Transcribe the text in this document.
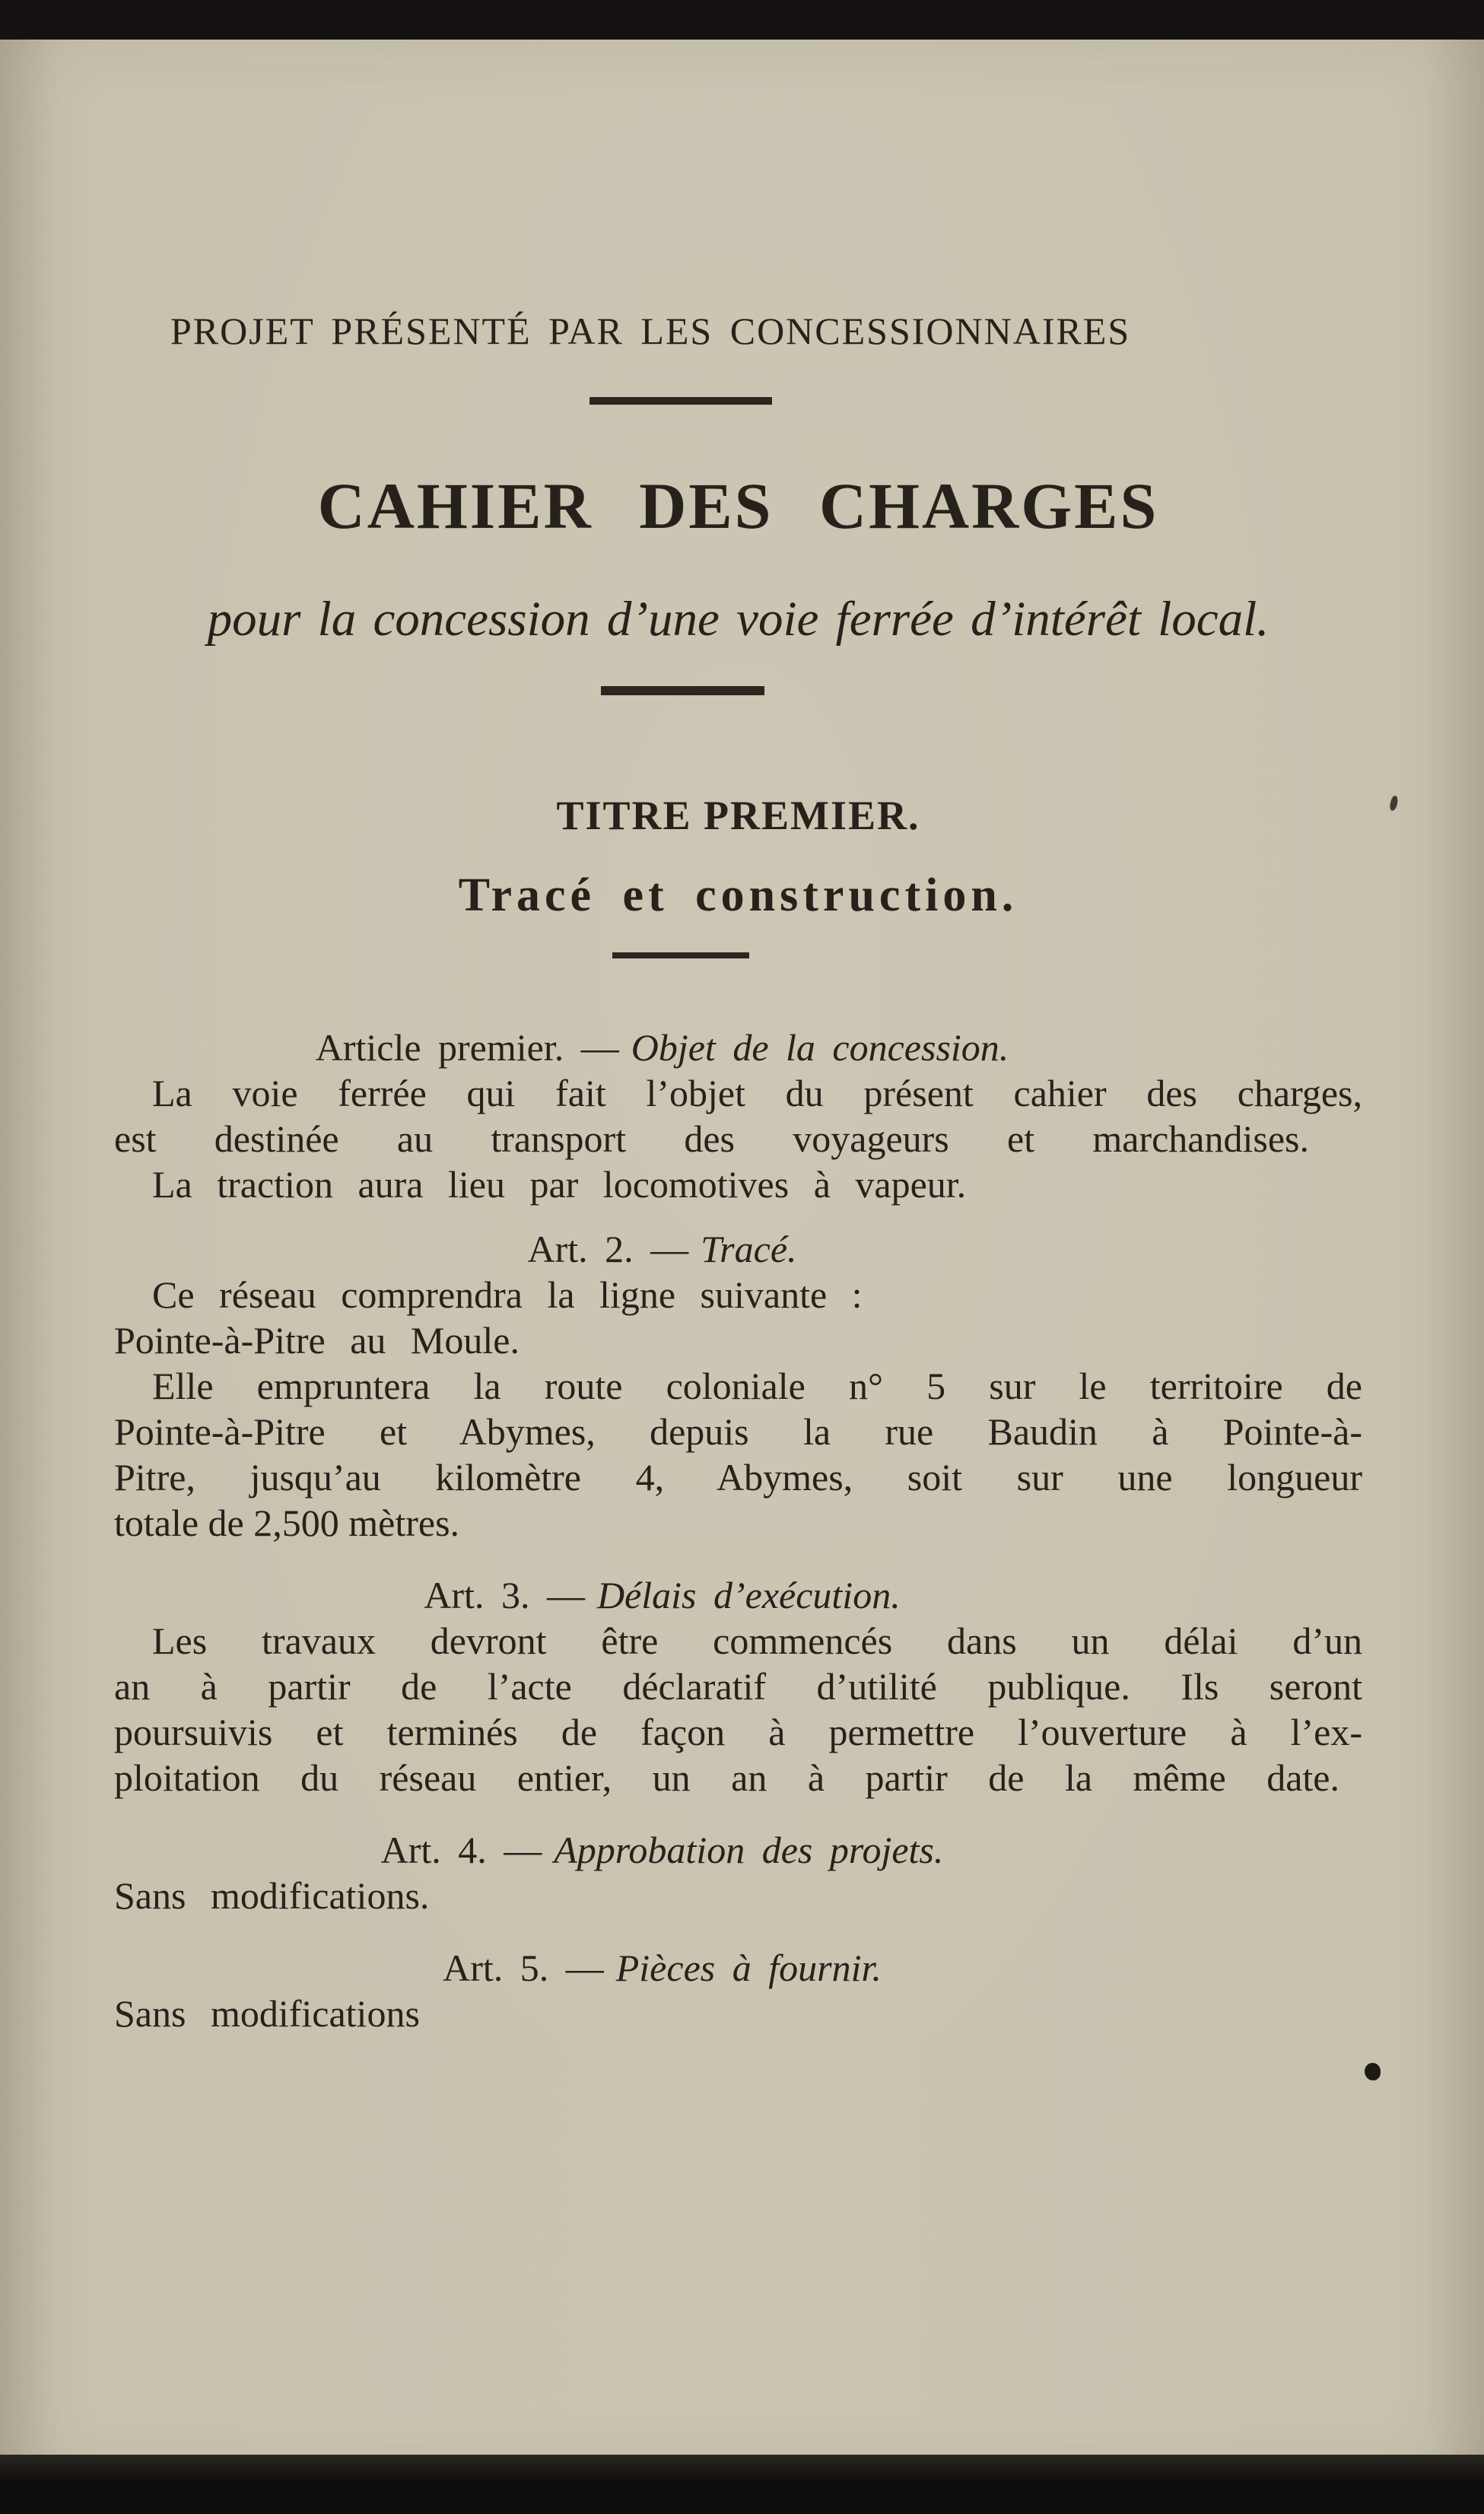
PROJET PRÉSENTÉ PAR LES CONCESSIONNAIRES
CAHIER DES CHARGES
pour la concession d’une voie ferrée d’intérêt local.
TITRE PREMIER.
Tracé et construction.
Article premier. — Objet de la concession.

La voie ferrée qui fait l’objet du présent cahier des charges,

est destinée au transport des voyageurs et marchandises.

La traction aura lieu par locomotives à vapeur.

Art. 2. — Tracé.

Ce réseau comprendra la ligne suivante :

Pointe-à-Pitre au Moule.

Elle empruntera la route coloniale n° 5 sur le territoire de

Pointe-à-Pitre et Abymes, depuis la rue Baudin à Pointe-à-

Pitre, jusqu’au kilomètre 4, Abymes, soit sur une longueur

totale de 2,500 mètres.

Art. 3. — Délais d’exécution.

Les travaux devront être commencés dans un délai d’un

an à partir de l’acte déclaratif d’utilité publique. Ils seront

poursuivis et terminés de façon à permettre l’ouverture à l’ex-

ploitation du réseau entier, un an à partir de la même date.

Art. 4. — Approbation des projets.

Sans modifications.

Art. 5. — Pièces à fournir.

Sans modifications
